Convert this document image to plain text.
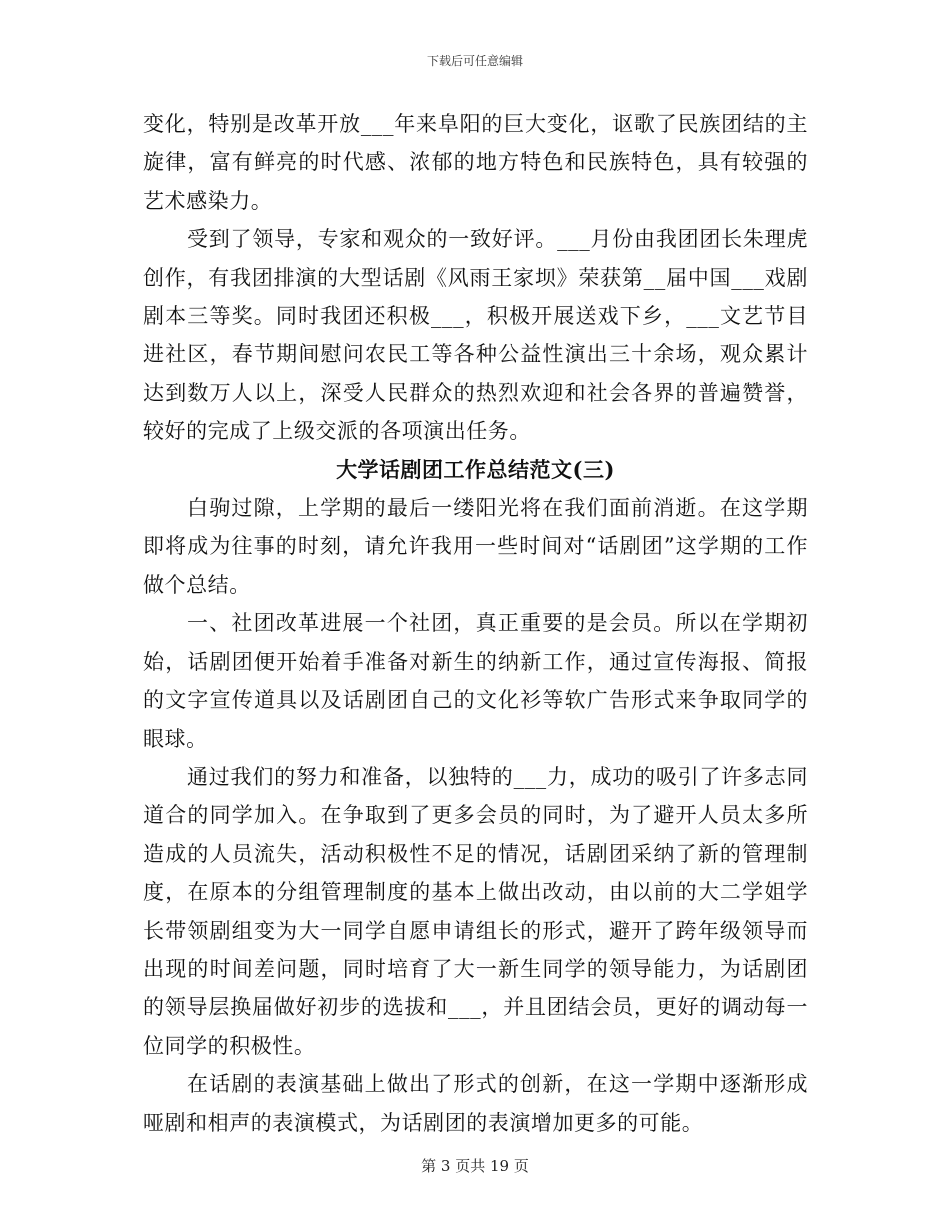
下载后可任意编辑

变化，特别是改革开放___年来阜阳的巨大变化，讴歌了民族团结的主旋律，富有鲜亮的时代感、浓郁的地方特色和民族特色，具有较强的艺术感染力。

受到了领导，专家和观众的一致好评。___月份由我团团长朱理虎创作，有我团排演的大型话剧《风雨王家坝》荣获第__届中国___戏剧剧本三等奖。同时我团还积极___，积极开展送戏下乡，___文艺节目进社区，春节期间慰问农民工等各种公益性演出三十余场，观众累计达到数万人以上，深受人民群众的热烈欢迎和社会各界的普遍赞誉，较好的完成了上级交派的各项演出任务。

大学话剧团工作总结范文(三)

白驹过隙，上学期的最后一缕阳光将在我们面前消逝。在这学期即将成为往事的时刻，请允许我用一些时间对“话剧团”这学期的工作做个总结。

一、社团改革进展一个社团，真正重要的是会员。所以在学期初始，话剧团便开始着手准备对新生的纳新工作，通过宣传海报、简报的文字宣传道具以及话剧团自己的文化衫等软广告形式来争取同学的眼球。

通过我们的努力和准备，以独特的___力，成功的吸引了许多志同道合的同学加入。在争取到了更多会员的同时，为了避开人员太多所造成的人员流失，活动积极性不足的情况，话剧团采纳了新的管理制度，在原本的分组管理制度的基本上做出改动，由以前的大二学姐学长带领剧组变为大一同学自愿申请组长的形式，避开了跨年级领导而出现的时间差问题，同时培育了大一新生同学的领导能力，为话剧团的领导层换届做好初步的选拔和___，并且团结会员，更好的调动每一位同学的积极性。

在话剧的表演基础上做出了形式的创新，在这一学期中逐渐形成哑剧和相声的表演模式，为话剧团的表演增加更多的可能。

第 3 页共 19 页
